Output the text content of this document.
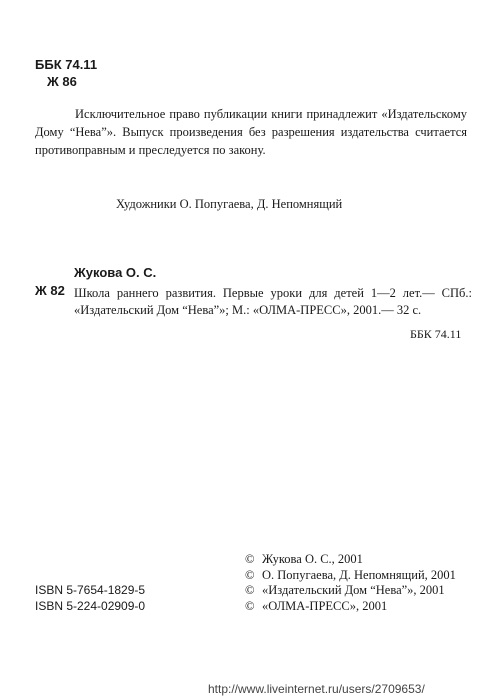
ББК 74.11
Ж 86

Исключительное право публикации книги принадлежит «Издательскому Дому “Нева”». Выпуск произведения без разрешения издательства считается противоправным и преследуется по закону.

Художники О. Попугаева, Д. Непомнящий
Жукова О. С.
Ж 82 Школа раннего развития. Первые уроки для детей 1—2 лет.— СПб.: «Издательский Дом “Нева”»; М.: «ОЛМА-ПРЕСС», 2001.— 32 с.

ББК 74.11
ISBN 5-7654-1829-5
ISBN 5-224-02909-0
© Жукова О. С., 2001
© О. Попугаева, Д. Непомнящий, 2001
© «Издательский Дом “Нева”», 2001
© «ОЛМА-ПРЕСС», 2001
http://www.liveinternet.ru/users/2709653/
